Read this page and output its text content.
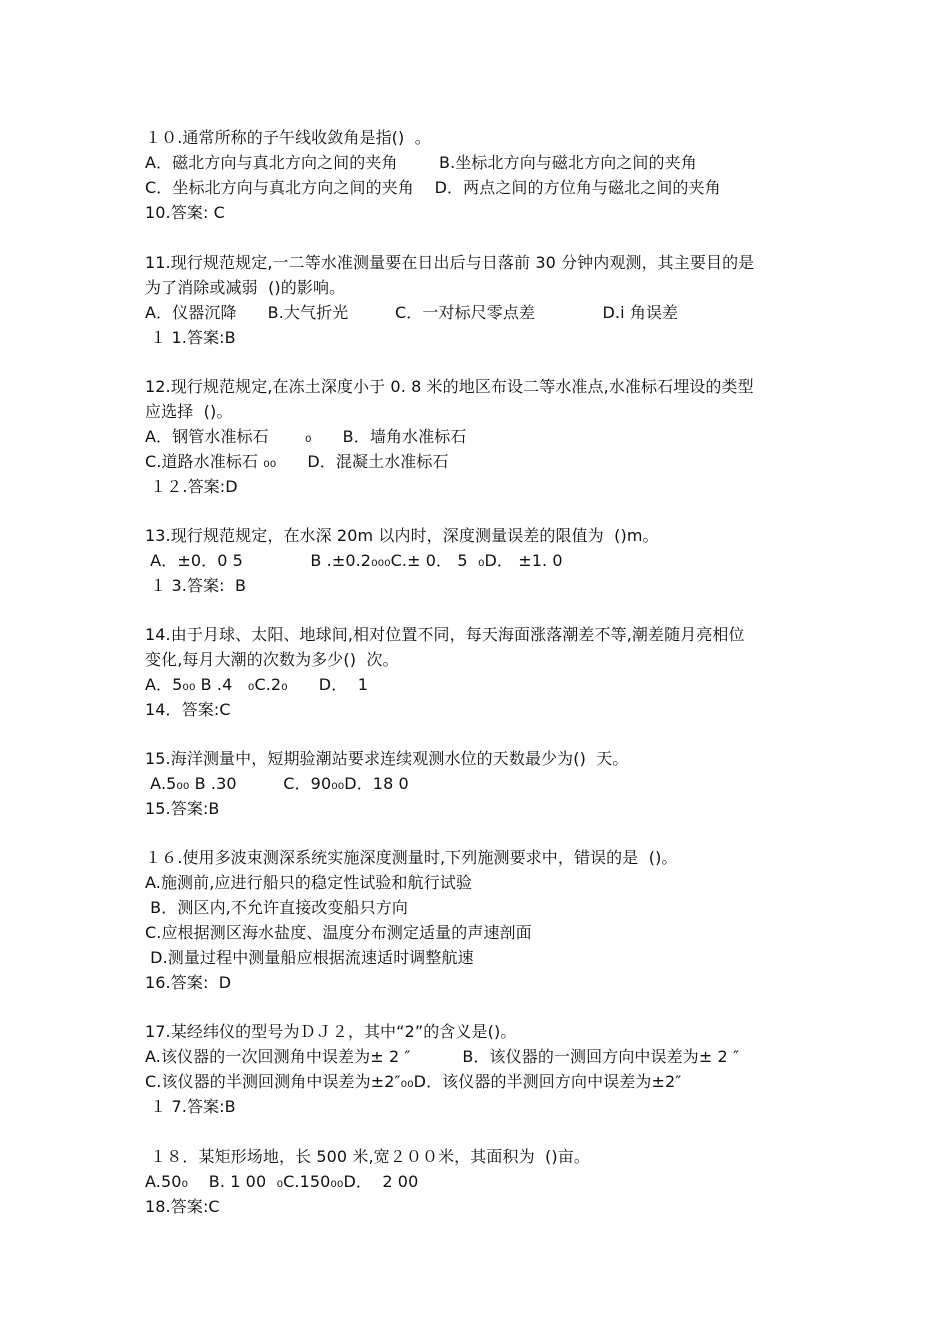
１０.通常所称的子午线收敛角是指()  。
A．磁北方向与真北方向之间的夹角        B.坐标北方向与磁北方向之间的夹角
C．坐标北方向与真北方向之间的夹角    D．两点之间的方位角与磁北之间的夹角
10.答案: C
11.现行规范规定,一二等水准测量要在日出后与日落前 30 分钟内观测，其主要目的是
为了消除或减弱  ()的影响。
A．仪器沉降      B.大气折光         C．一对标尺零点差             D.i 角误差
１ 1.答案:B
12.现行规范规定,在冻土深度小于 0. 8 米的地区布设二等水准点,水准标石埋设的类型
应选择  ()。
A．钢管水准标石       ₀      B．墙角水准标石
C.道路水准标石 ₀₀      D．混凝土水准标石
１２.答案:D
13.现行规范规定，在水深 20m 以内时，深度测量误差的限值为  ()m。
A．±0．0 5             B .±0.2₀₀₀C.± 0． 5  ₀D． ±1. 0
１ 3.答案:  B
14.由于月球、太阳、地球间,相对位置不同，每天海面涨落潮差不等,潮差随月亮相位
变化,每月大潮的次数为多少()  次。
A．5₀₀ B .4   ₀C.2₀      D．  1
14．答案:C
15.海洋测量中，短期验潮站要求连续观测水位的天数最少为()  天。
A.5₀₀ B .30         C．90₀₀D．18 0
15.答案:B
１６.使用多波束测深系统实施深度测量时,下列施测要求中，错误的是  ()。
A.施测前,应进行船只的稳定性试验和航行试验
B．测区内,不允许直接改变船只方向
C.应根据测区海水盐度、温度分布测定适量的声速剖面
D.测量过程中测量船应根据流速适时调整航速
16.答案:  D
17.某经纬仪的型号为ＤＪ２，其中“2”的含义是()。
A.该仪器的一次回测角中误差为± 2 ″          B．该仪器的一测回方向中误差为± 2 ″
C.该仪器的半测回测角中误差为±2″₀₀D．该仪器的半测回方向中误差为±2″
１ 7.答案:B
１８．某矩形场地，长 500 米,宽２００米，其面积为  ()亩。
A.50₀    B. 1 00  ₀C.150₀₀D．  2 00
18.答案:C
